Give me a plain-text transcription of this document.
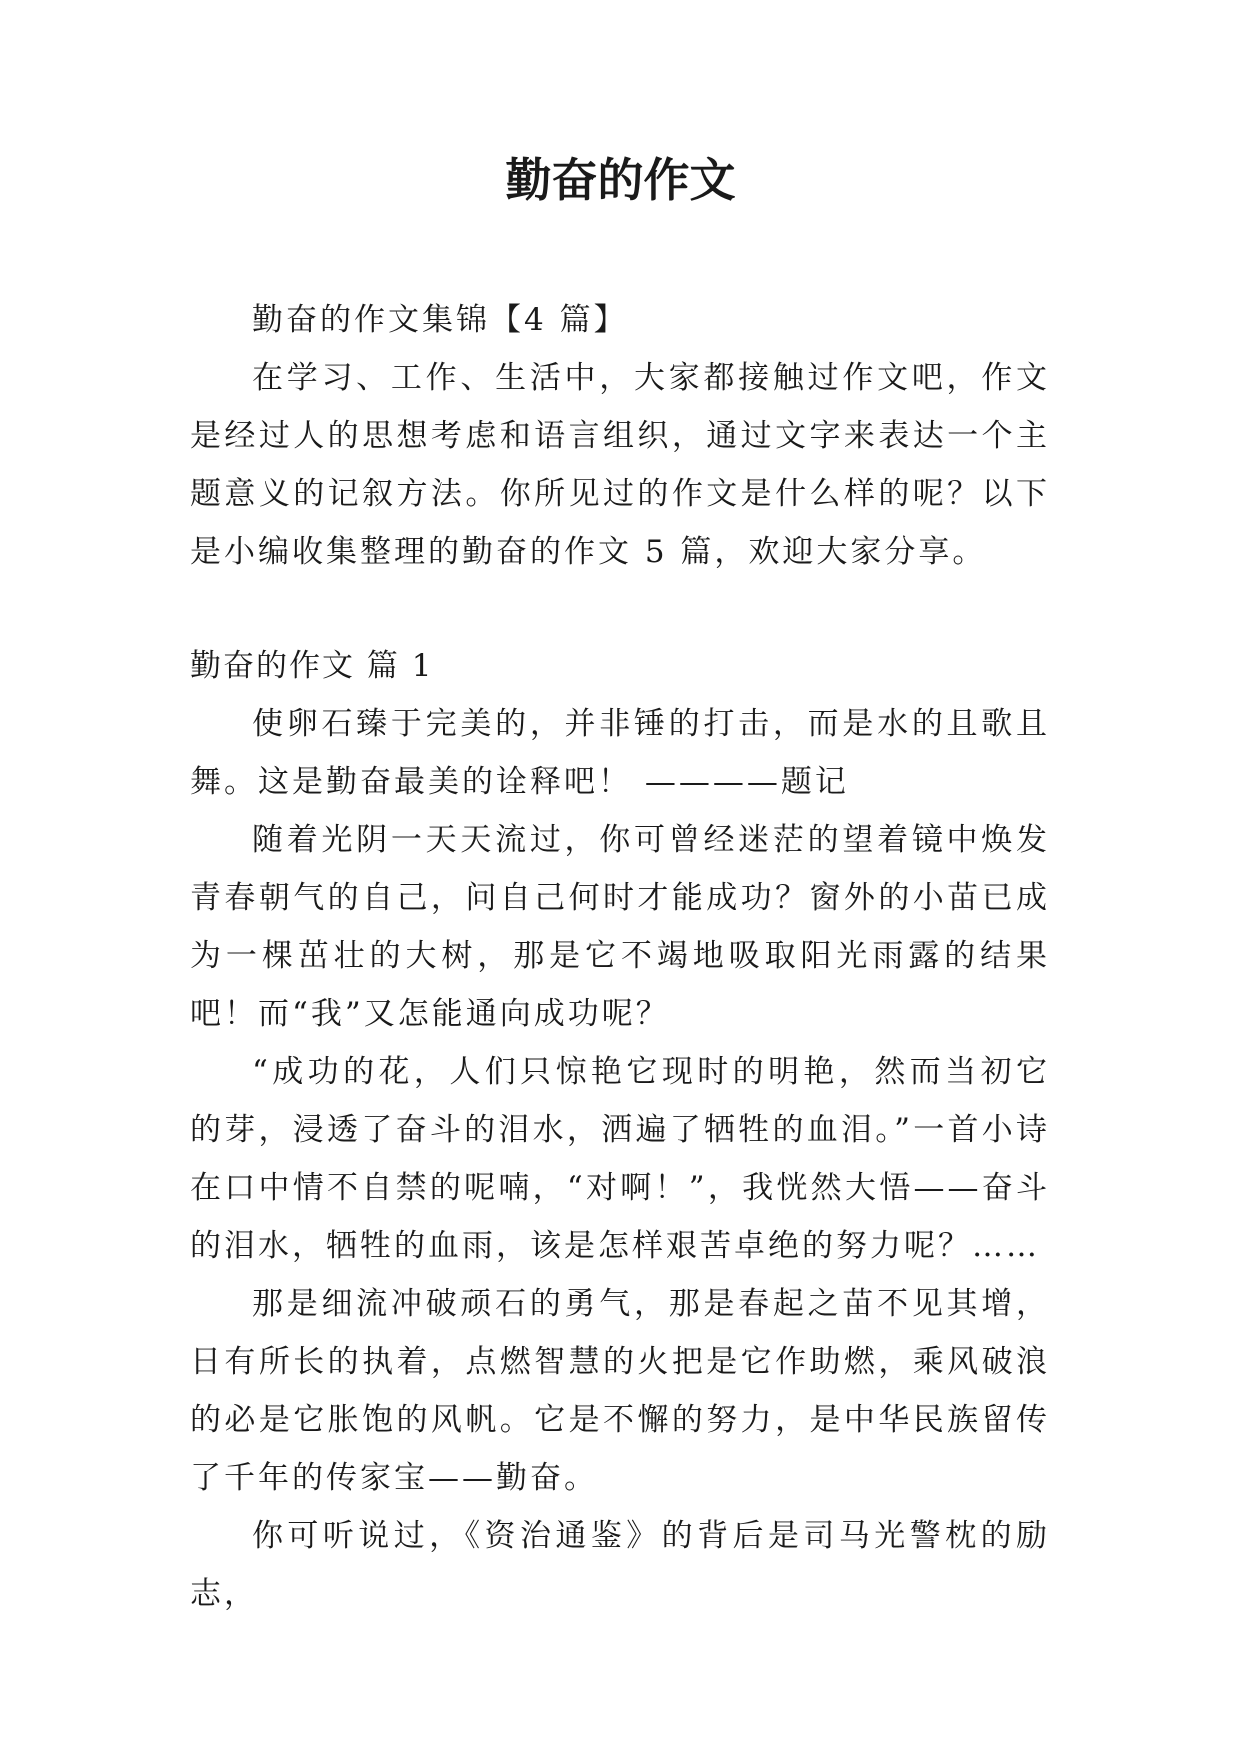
勤奋的作文

勤奋的作文集锦【4 篇】

在学习、工作、生活中，大家都接触过作文吧，作文是经过人的思想考虑和语言组织，通过文字来表达一个主题意义的记叙方法。你所见过的作文是什么样的呢？以下是小编收集整理的勤奋的作文 5 篇，欢迎大家分享。

勤奋的作文 篇 1

使卵石臻于完美的，并非锤的打击，而是水的且歌且舞。这是勤奋最美的诠释吧！ ————题记

随着光阴一天天流过，你可曾经迷茫的望着镜中焕发青春朝气的自己，问自己何时才能成功？窗外的小苗已成为一棵茁壮的大树，那是它不竭地吸取阳光雨露的结果吧！而“我”又怎能通向成功呢？

“成功的花，人们只惊艳它现时的明艳，然而当初它的芽，浸透了奋斗的泪水，洒遍了牺牲的血泪。”一首小诗在口中情不自禁的呢喃，“对啊！”，我恍然大悟——奋斗的泪水，牺牲的血雨，该是怎样艰苦卓绝的努力呢？……

那是细流冲破顽石的勇气，那是春起之苗不见其增，日有所长的执着，点燃智慧的火把是它作助燃，乘风破浪的必是它胀饱的风帆。它是不懈的努力，是中华民族留传了千年的传家宝——勤奋。

你可听说过，《资治通鉴》的背后是司马光警枕的励志，
